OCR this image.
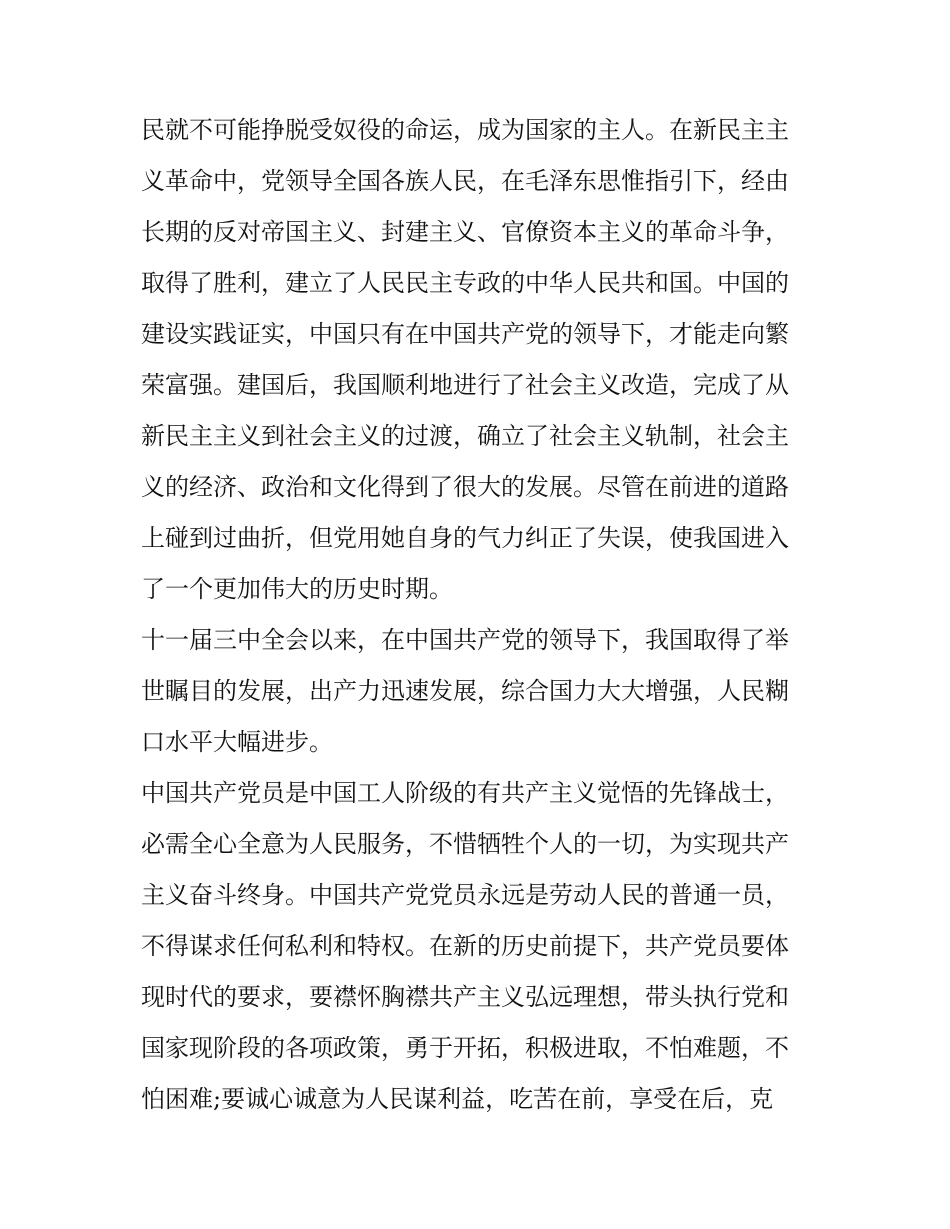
民就不可能挣脱受奴役的命运，成为国家的主人。在新民主主
义革命中，党领导全国各族人民，在毛泽东思惟指引下，经由
长期的反对帝国主义、封建主义、官僚资本主义的革命斗争，
取得了胜利，建立了人民民主专政的中华人民共和国。中国的
建设实践证实，中国只有在中国共产党的领导下，才能走向繁
荣富强。建国后，我国顺利地进行了社会主义改造，完成了从
新民主主义到社会主义的过渡，确立了社会主义轨制，社会主
义的经济、政治和文化得到了很大的发展。尽管在前进的道路
上碰到过曲折，但党用她自身的气力纠正了失误，使我国进入
了一个更加伟大的历史时期。
十一届三中全会以来，在中国共产党的领导下，我国取得了举
世瞩目的发展，出产力迅速发展，综合国力大大增强，人民糊
口水平大幅进步。
中国共产党员是中国工人阶级的有共产主义觉悟的先锋战士，
必需全心全意为人民服务，不惜牺牲个人的一切，为实现共产
主义奋斗终身。中国共产党党员永远是劳动人民的普通一员，
不得谋求任何私利和特权。在新的历史前提下，共产党员要体
现时代的要求，要襟怀胸襟共产主义弘远理想，带头执行党和
国家现阶段的各项政策，勇于开拓，积极进取，不怕难题，不
怕困难;要诚心诚意为人民谋利益，吃苦在前，享受在后，克
